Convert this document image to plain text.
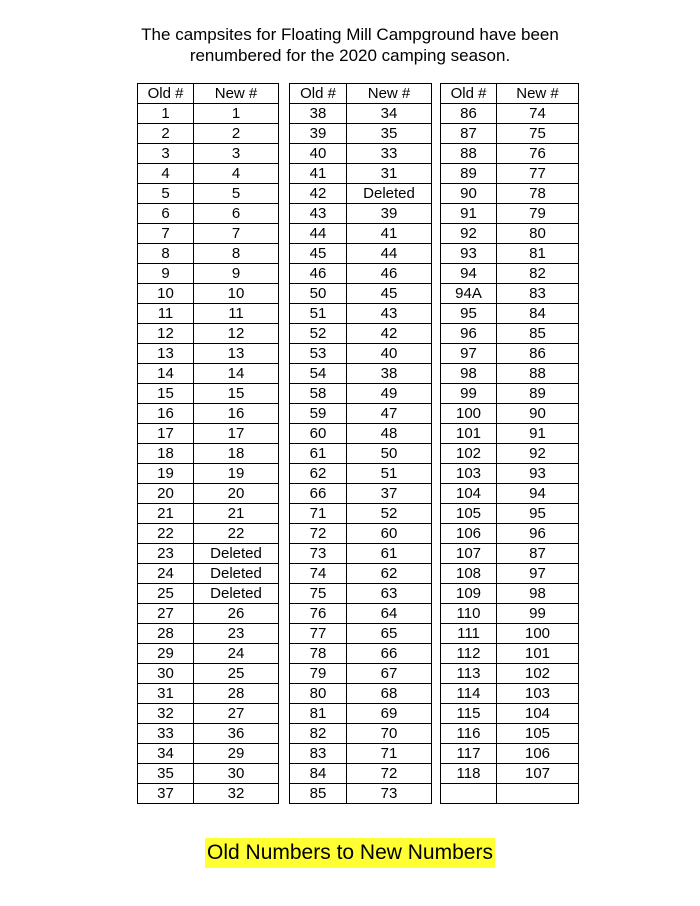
The campsites for Floating Mill Campground have been
renumbered for the 2020 camping season.
Old #	New #
1	1
2	2
3	3
4	4
5	5
6	6
7	7
8	8
9	9
10	10
11	11
12	12
13	13
14	14
15	15
16	16
17	17
18	18
19	19
20	20
21	21
22	22
23	Deleted
24	Deleted
25	Deleted
27	26
28	23
29	24
30	25
31	28
32	27
33	36
34	29
35	30
37	32
Old #	New #
38	34
39	35
40	33
41	31
42	Deleted
43	39
44	41
45	44
46	46
50	45
51	43
52	42
53	40
54	38
58	49
59	47
60	48
61	50
62	51
66	37
71	52
72	60
73	61
74	62
75	63
76	64
77	65
78	66
79	67
80	68
81	69
82	70
83	71
84	72
85	73
Old #	New #
86	74
87	75
88	76
89	77
90	78
91	79
92	80
93	81
94	82
94A	83
95	84
96	85
97	86
98	88
99	89
100	90
101	91
102	92
103	93
104	94
105	95
106	96
107	87
108	97
109	98
110	99
111	100
112	101
113	102
114	103
115	104
116	105
117	106
118	107

Old Numbers to New Numbers
